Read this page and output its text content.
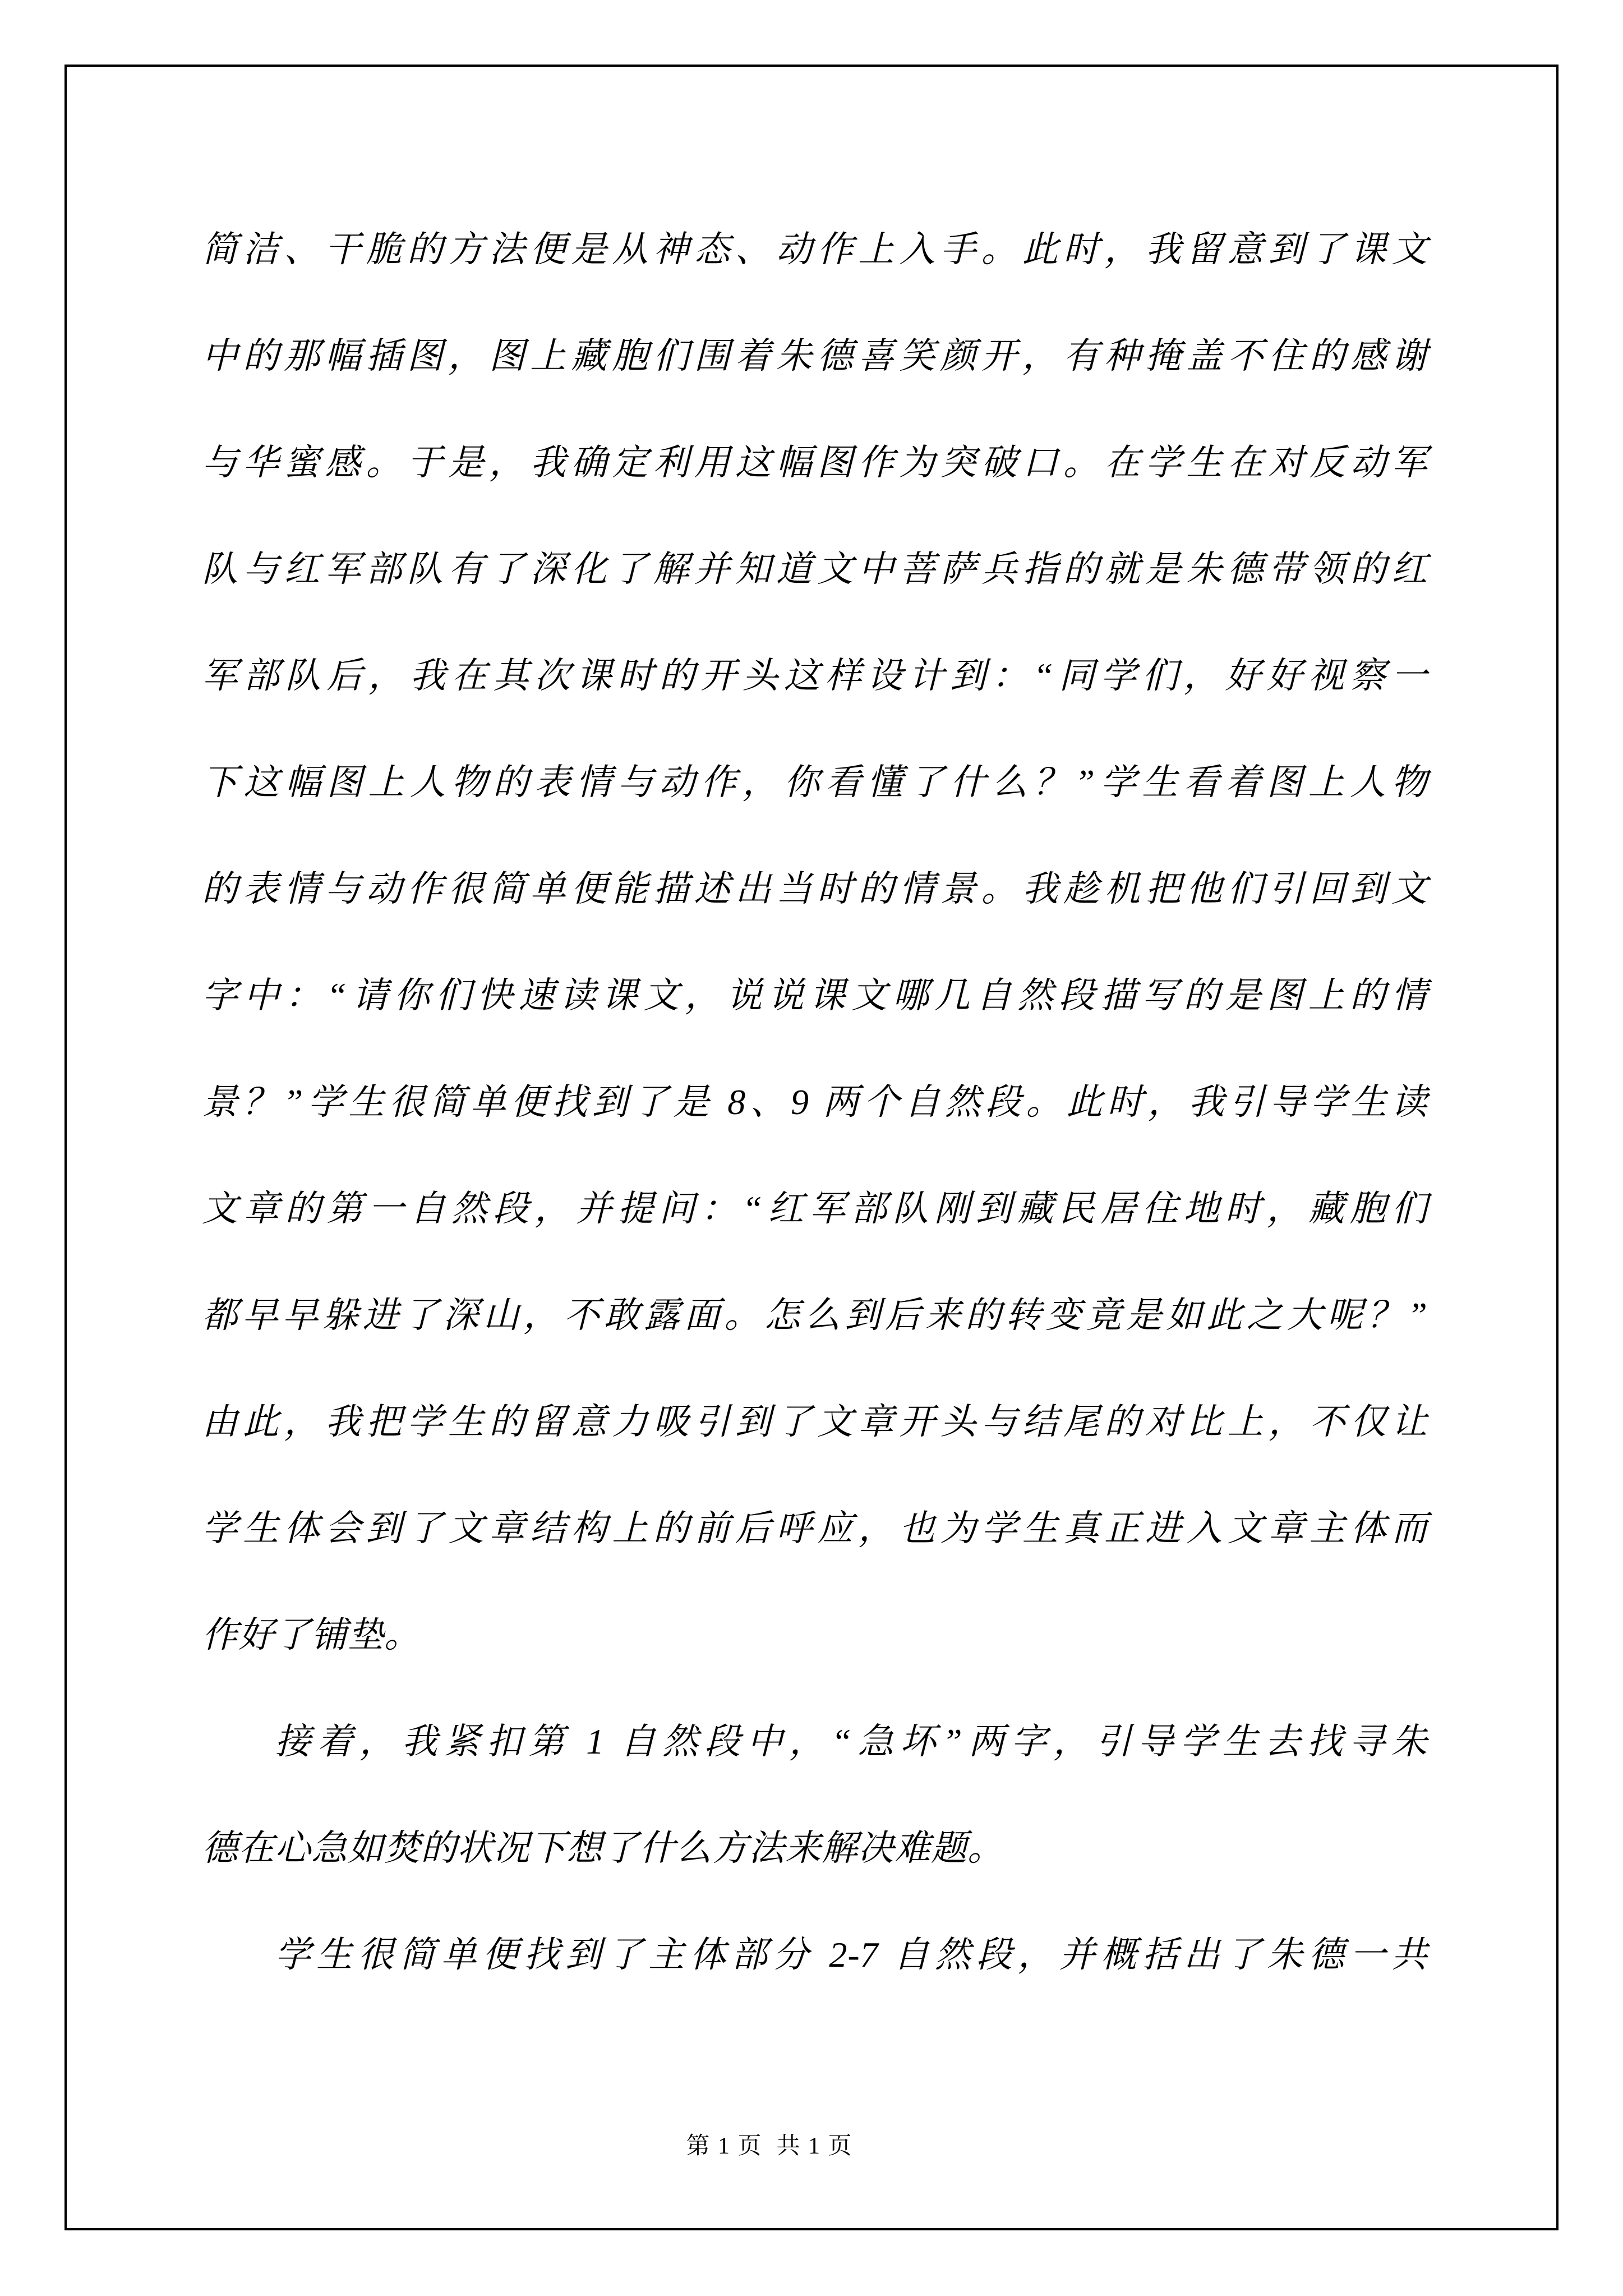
简洁、干脆的方法便是从神态、动作上入手。此时，我留意到了课文
中的那幅插图，图上藏胞们围着朱德喜笑颜开，有种掩盖不住的感谢
与华蜜感。于是，我确定利用这幅图作为突破口。在学生在对反动军
队与红军部队有了深化了解并知道文中菩萨兵指的就是朱德带领的红
军部队后，我在其次课时的开头这样设计到：“同学们，好好视察一
下这幅图上人物的表情与动作，你看懂了什么？”学生看着图上人物
的表情与动作很简单便能描述出当时的情景。我趁机把他们引回到文
字中：“请你们快速读课文，说说课文哪几自然段描写的是图上的情
景？”学生很简单便找到了是 8、9 两个自然段。此时，我引导学生读
文章的第一自然段，并提问：“红军部队刚到藏民居住地时，藏胞们
都早早躲进了深山，不敢露面。怎么到后来的转变竟是如此之大呢？”
由此，我把学生的留意力吸引到了文章开头与结尾的对比上，不仅让
学生体会到了文章结构上的前后呼应，也为学生真正进入文章主体而
作好了铺垫。
接着，我紧扣第 1 自然段中，“急坏”两字，引导学生去找寻朱
德在心急如焚的状况下想了什么方法来解决难题。
学生很简单便找到了主体部分 2-7 自然段，并概括出了朱德一共
第 1 页  共 1 页
